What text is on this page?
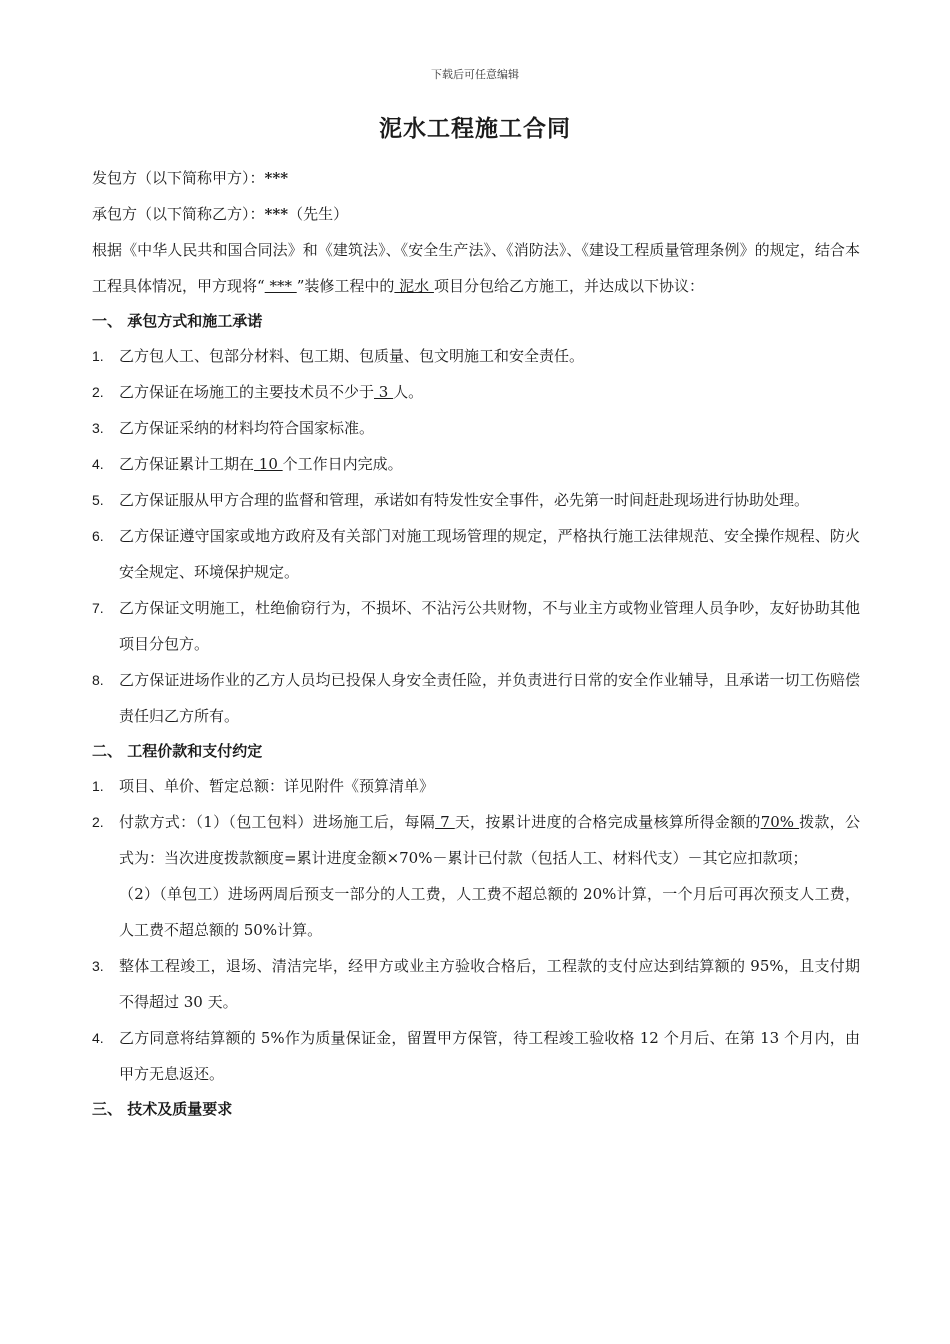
下载后可任意编辑
泥水工程施工合同

发包方（以下简称甲方）：***

承包方（以下简称乙方）：***（先生）

根据《中华人民共和国合同法》和《建筑法》、《安全生产法》、《消防法》、《建设工程质量管理条例》的规定，结合本工程具体情况，甲方现将“ *** ”装修工程中的 泥水 项目分包给乙方施工，并达成以下协议：

一、 承包方式和施工承诺
1. 乙方包人工、包部分材料、包工期、包质量、包文明施工和安全责任。
2. 乙方保证在场施工的主要技术员不少于 3 人。
3. 乙方保证采纳的材料均符合国家标准。
4. 乙方保证累计工期在 10 个工作日内完成。
5. 乙方保证服从甲方合理的监督和管理，承诺如有特发性安全事件，必先第一时间赶赴现场进行协助处理。
6. 乙方保证遵守国家或地方政府及有关部门对施工现场管理的规定，严格执行施工法律规范、安全操作规程、防火安全规定、环境保护规定。
7. 乙方保证文明施工，杜绝偷窃行为，不损坏、不沾污公共财物，不与业主方或物业管理人员争吵，友好协助其他项目分包方。
8. 乙方保证进场作业的乙方人员均已投保人身安全责任险，并负责进行日常的安全作业辅导，且承诺一切工伤赔偿责任归乙方所有。
二、 工程价款和支付约定
1. 项目、单价、暂定总额：详见附件《预算清单》
2. 付款方式：（1）（包工包料）进场施工后，每隔 7 天，按累计进度的合格完成量核算所得金额的70% 拨款，公式为：当次进度拨款额度=累计进度金额×70%－累计已付款（包括人工、材料代支）－其它应扣款项；
（2）（单包工）进场两周后预支一部分的人工费，人工费不超总额的 20%计算，一个月后可再次预支人工费，人工费不超总额的 50%计算。
3. 整体工程竣工，退场、清洁完毕，经甲方或业主方验收合格后，工程款的支付应达到结算额的 95%，且支付期不得超过 30 天。
4. 乙方同意将结算额的 5%作为质量保证金，留置甲方保管，待工程竣工验收格 12 个月后、在第 13 个月内，由甲方无息返还。
三、 技术及质量要求
